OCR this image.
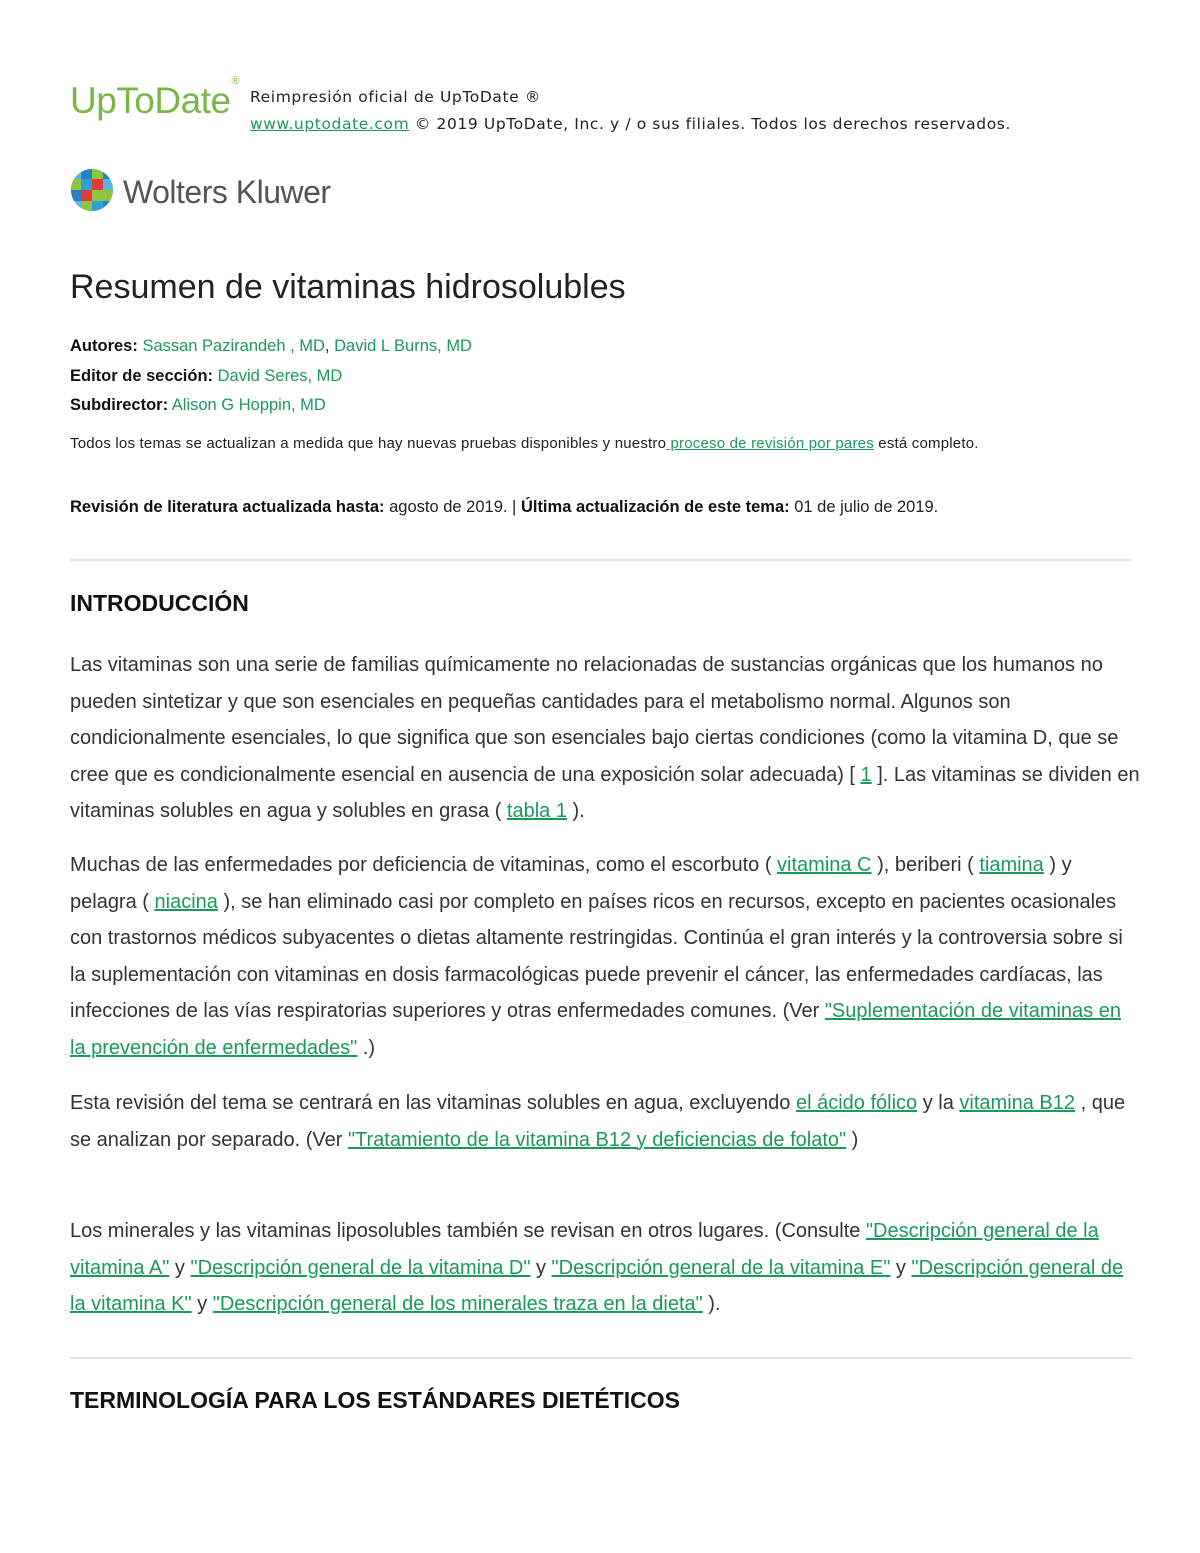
UpToDate®
Reimpresión oficial de UpToDate ®
www.uptodate.com © 2019 UpToDate, Inc. y / o sus filiales. Todos los derechos reservados.
Wolters Kluwer
Resumen de vitaminas hidrosolubles
Autores: Sassan Pazirandeh , MD, David L Burns, MD
Editor de sección: David Seres, MD
Subdirector: Alison G Hoppin, MD
Todos los temas se actualizan a medida que hay nuevas pruebas disponibles y nuestro proceso de revisión por pares está completo.
Revisión de literatura actualizada hasta: agosto de 2019. | Última actualización de este tema: 01 de julio de 2019.
INTRODUCCIÓN
Las vitaminas son una serie de familias químicamente no relacionadas de sustancias orgánicas que los humanos no pueden sintetizar y que son esenciales en pequeñas cantidades para el metabolismo normal. Algunos son condicionalmente esenciales, lo que significa que son esenciales bajo ciertas condiciones (como la vitamina D, que se cree que es condicionalmente esencial en ausencia de una exposición solar adecuada) [ 1 ]. Las vitaminas se dividen en vitaminas solubles en agua y solubles en grasa ( tabla 1 ).
Muchas de las enfermedades por deficiencia de vitaminas, como el escorbuto ( vitamina C ), beriberi ( tiamina ) y pelagra ( niacina ), se han eliminado casi por completo en países ricos en recursos, excepto en pacientes ocasionales con trastornos médicos subyacentes o dietas altamente restringidas. Continúa el gran interés y la controversia sobre si la suplementación con vitaminas en dosis farmacológicas puede prevenir el cáncer, las enfermedades cardíacas, las infecciones de las vías respiratorias superiores y otras enfermedades comunes. (Ver "Suplementación de vitaminas en la prevención de enfermedades" .)
Esta revisión del tema se centrará en las vitaminas solubles en agua, excluyendo el ácido fólico y la vitamina B12 , que se analizan por separado. (Ver "Tratamiento de la vitamina B12 y deficiencias de folato" )
Los minerales y las vitaminas liposolubles también se revisan en otros lugares. (Consulte "Descripción general de la vitamina A" y "Descripción general de la vitamina D" y "Descripción general de la vitamina E" y "Descripción general de la vitamina K" y "Descripción general de los minerales traza en la dieta" ).
TERMINOLOGÍA PARA LOS ESTÁNDARES DIETÉTICOS
